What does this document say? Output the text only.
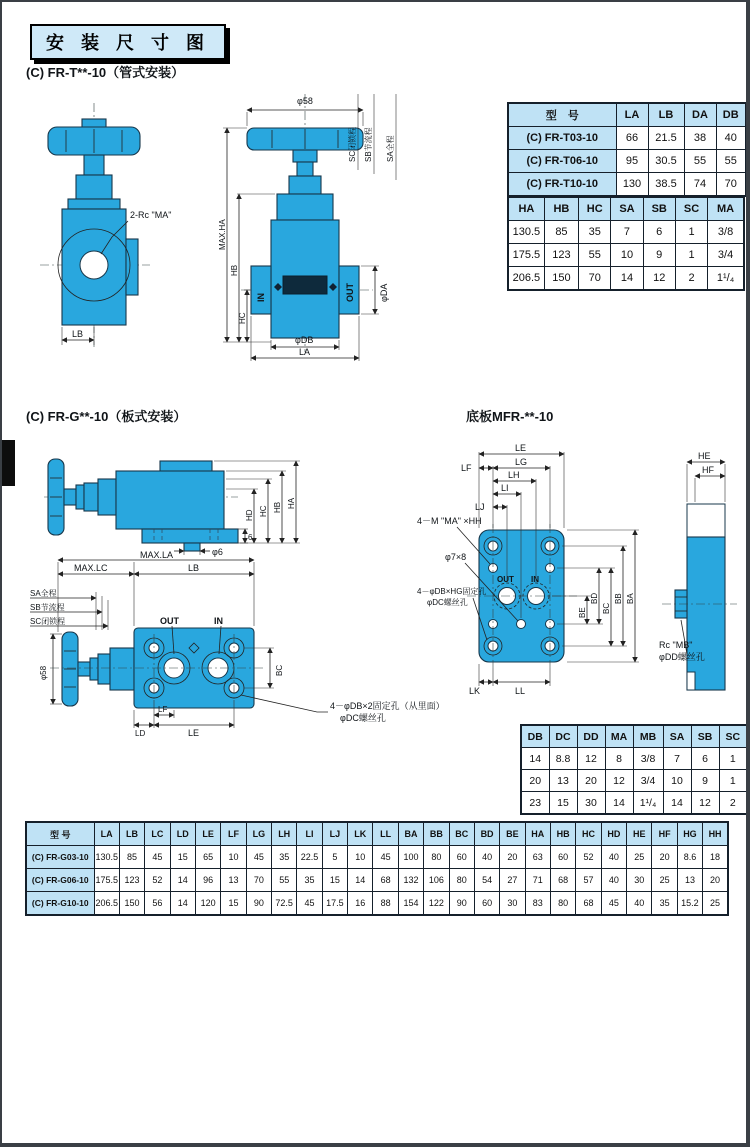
安 装 尺 寸 图
(C) FR-T**-10（管式安装）
(C) FR-G**-10（板式安装）	底板MFR-**-10
2-Rc "MA"
LB
φ58
IN	OUT
SC闭锁程 SB节流程 SA全程
MAX.HA
HB
HC
φDA
φDB
LA
φ6
6
HD HC HB HA
MAX.LA
MAX.LC	LB
SA全程
SB节流程
SC闭锁程
φ58
OUT	IN
BC
LF
LD	LE
4－φDB×2固定孔（从里面）
φDC螺丝孔
OUT IN
LE
LF
LG
LH
LI
LJ
4－M "MA" ×HH
φ7×8
4－φDB×HG固定孔
φDC螺丝孔
BE
BD
BC
BB BA
LK	LL
HE
HF
Rc "MB"
φDD螺丝孔
型　号	LA	LB	DA	DB
(C) FR-T03-10	66	21.5	38	40
(C) FR-T06-10	95	30.5	55	55
(C) FR-T10-10	130	38.5	74	70
HA	HB	HC	SA	SB	SC	MA
130.5	85	35	7	6	1	3/8
175.5	123	55	10	9	1	3/4
206.5	150	70	14	12	2	1¹/₄
DB	DC	DD	MA	MB	SA	SB	SC
14	8.8	12	8	3/8	7	6	1
20	13	20	12	3/4	10	9	1
23	15	30	14	1¹/₄	14	12	2
型 号	LA	LB	LC	LD	LE	LF	LG	LH	LI	LJ	LK	LL	BA	BB	BC	BD	BE	HA	HB	HC	HD	HE	HF	HG	HH
(C) FR-G03-10	130.5	85	45	15	65	10	45	35	22.5	5	10	45	100	80	60	40	20	63	60	52	40	25	20	8.6	18
(C) FR-G06-10	175.5	123	52	14	96	13	70	55	35	15	14	68	132	106	80	54	27	71	68	57	40	30	25	13	20
(C) FR-G10-10	206.5	150	56	14	120	15	90	72.5	45	17.5	16	88	154	122	90	60	30	83	80	68	45	40	35	15.2	25
